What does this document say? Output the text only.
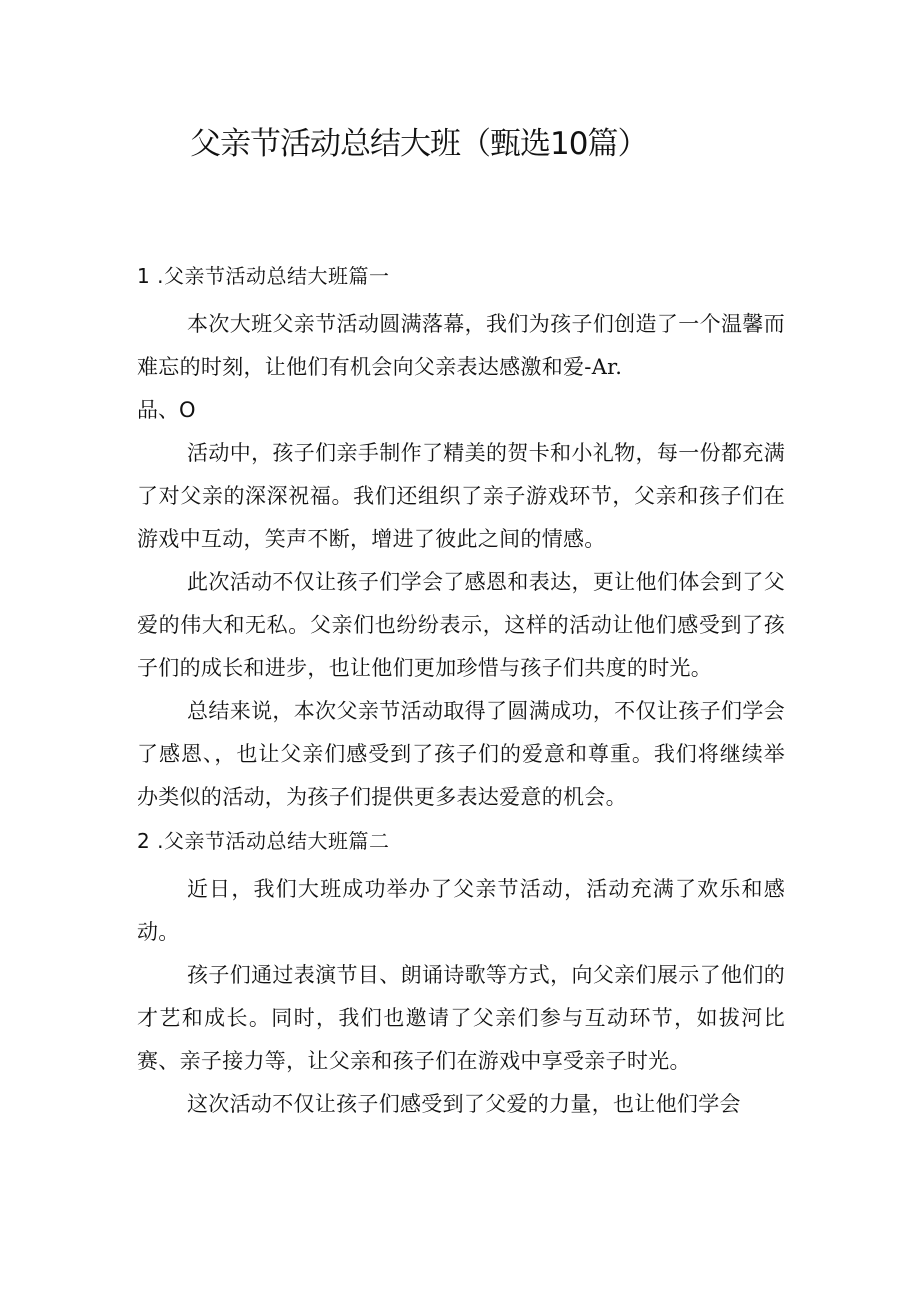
父亲节活动总结大班（甄选10篇）
1 .父亲节活动总结大班篇一

本次大班父亲节活动圆满落幕，我们为孩子们创造了一个温馨而难忘的时刻，让他们有机会向父亲表达感激和爱-Ar.

品、O

活动中，孩子们亲手制作了精美的贺卡和小礼物，每一份都充满了对父亲的深深祝福。我们还组织了亲子游戏环节，父亲和孩子们在游戏中互动，笑声不断，增进了彼此之间的情感。

此次活动不仅让孩子们学会了感恩和表达，更让他们体会到了父爱的伟大和无私。父亲们也纷纷表示，这样的活动让他们感受到了孩子们的成长和进步，也让他们更加珍惜与孩子们共度的时光。

总结来说，本次父亲节活动取得了圆满成功，不仅让孩子们学会了感恩、，也让父亲们感受到了孩子们的爱意和尊重。我们将继续举办类似的活动，为孩子们提供更多表达爱意的机会。

2 .父亲节活动总结大班篇二

近日，我们大班成功举办了父亲节活动，活动充满了欢乐和感动。

孩子们通过表演节目、朗诵诗歌等方式，向父亲们展示了他们的才艺和成长。同时，我们也邀请了父亲们参与互动环节，如拔河比赛、亲子接力等，让父亲和孩子们在游戏中享受亲子时光。

这次活动不仅让孩子们感受到了父爱的力量，也让他们学会
